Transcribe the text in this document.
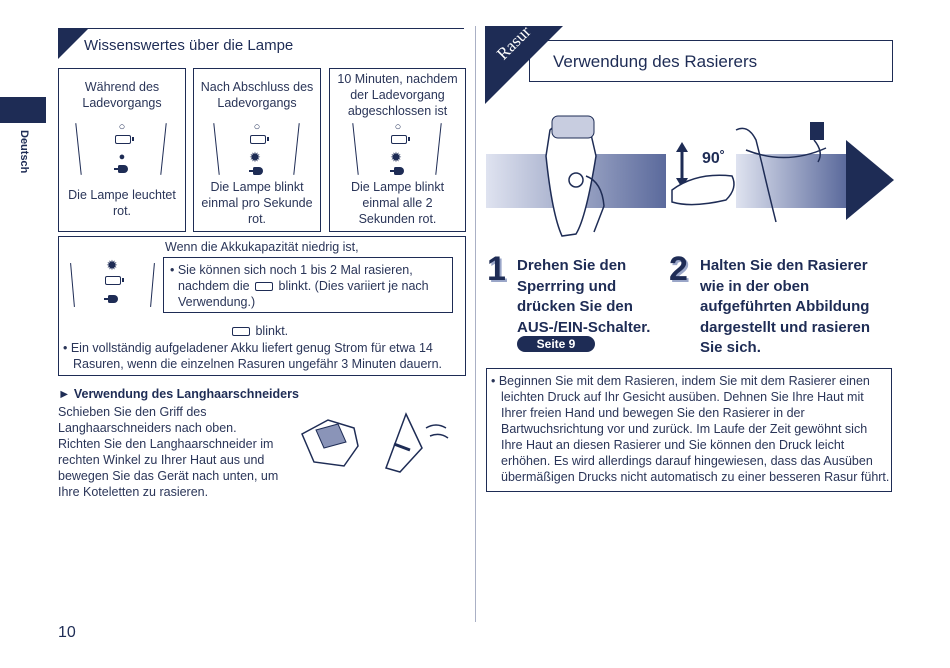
Deutsch
10
Wissenswertes über die Lampe
Während des
Ladevorgangs
○
●
Die Lampe leuchtet
rot.
Nach Abschluss des
Ladevorgangs
○
✹
Die Lampe blinkt
einmal pro Sekunde
rot.
10 Minuten, nachdem
der Ladevorgang
abgeschlossen ist
○
✹
Die Lampe blinkt
einmal alle 2
Sekunden rot.
Wenn die Akkukapazität niedrig ist,
✹	• Sie können sich noch 1 bis 2 Mal rasieren,
nachdem die blinkt. (Dies variiert je nach
Verwendung.)
blinkt.
• Ein vollständig aufgeladener Akku liefert genug Strom für etwa 14
Rasuren, wenn die einzelnen Rasuren ungefähr 3 Minuten dauern.
► Verwendung des Langhaarschneiders
Schieben Sie den Griff des
Langhaarschneiders nach oben.
Richten Sie den Langhaarschneider im
rechten Winkel zu Ihrer Haut aus und
bewegen Sie das Gerät nach unten, um
Ihre Koteletten zu rasieren.
Rasur Verwendung des Rasierers
90˚
1 Drehen Sie den
Sperrring und
drücken Sie den
AUS-/EIN-Schalter.
Seite 9
2 Halten Sie den Rasierer
wie in der oben
aufgeführten Abbildung
dargestellt und rasieren
Sie sich.
• Beginnen Sie mit dem Rasieren, indem Sie mit dem Rasierer einen
leichten Druck auf Ihr Gesicht ausüben. Dehnen Sie Ihre Haut mit
Ihrer freien Hand und bewegen Sie den Rasierer in der
Bartwuchsrichtung vor und zurück. Im Laufe der Zeit gewöhnt sich
Ihre Haut an diesen Rasierer und Sie können den Druck leicht
erhöhen. Es wird allerdings darauf hingewiesen, dass das Ausüben
übermäßigen Drucks nicht automatisch zu einer besseren Rasur führt.
